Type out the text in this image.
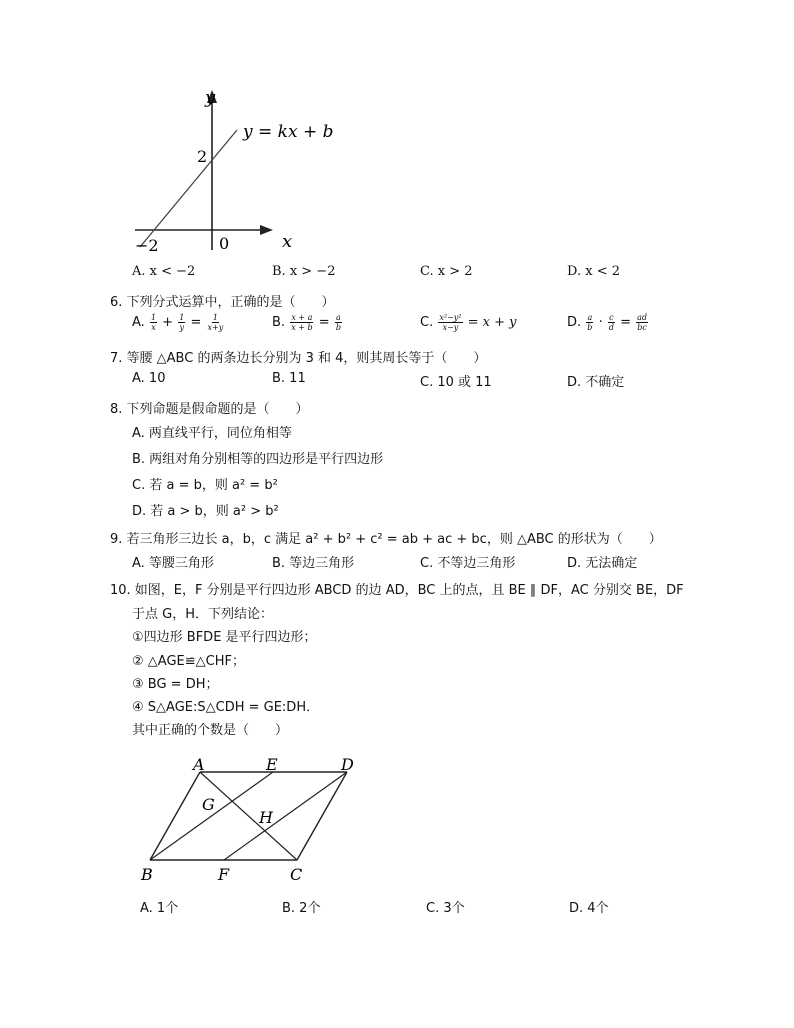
y
x
y = kx + b
2
−2	0
A. x < −2	B. x > −2	C. x > 2	D. x < 2
6. 下列分式运算中，正确的是（　　）
A. $\frac{1}{x} + \frac{1}{y} = \frac{1}{x+y}$	B. $\frac{x + a}{x + b} = \frac{a}{b}$	C. $\frac{\text{x²−y²}}{x-y} = x + y$	D. $\frac{a}{b} \cdot \frac{c}{d} = \frac{ad}{bc}$
7. 等腰 △ABC 的两条边长分别为 3 和 4，则其周长等于（　　）
A. 10	B. 11	C. 10 或 11	D. 不确定
8. 下列命题是假命题的是（　　）
A. 两直线平行，同位角相等
B. 两组对角分别相等的四边形是平行四边形
C. 若 a = b，则 a² = b²
D. 若 a > b，则 a² > b²
9. 若三角形三边长 a，b，c 满足 a² + b² + c² = ab + ac + bc，则 △ABC 的形状为（　　）
A. 等腰三角形	B. 等边三角形	C. 不等边三角形	D. 无法确定
10. 如图，E，F 分别是平行四边形 ABCD 的边 AD，BC 上的点，且 BE ∥ DF，AC 分别交 BE，DF
于点 G，H．下列结论：
①四边形 BFDE 是平行四边形；
② △AGE≌△CHF；
③ BG = DH；
④ S△AGE:S△CDH = GE:DH．
其中正确的个数是（　　）
A	E	D
G
H
B	F	C
A. 1个	B. 2个	C. 3个	D. 4个
